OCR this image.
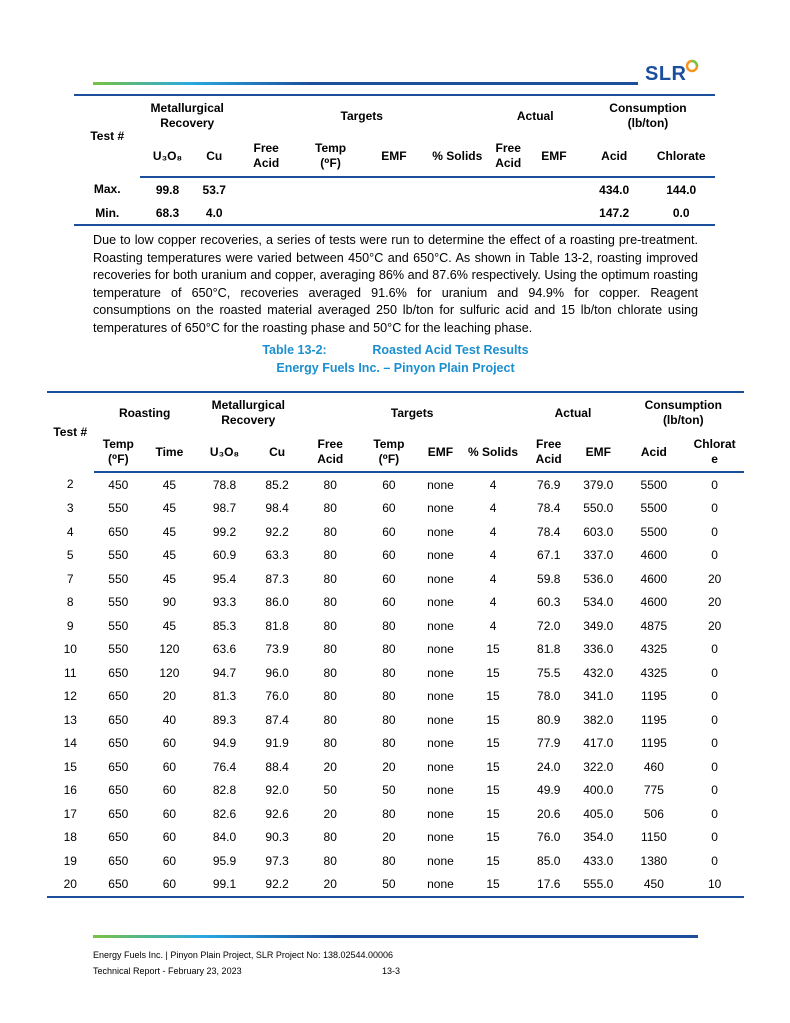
SLR
Test #	Metallurgical Recovery		Targets				Actual		Consumption (lb/ton)	

	U₃O₈	Cu	Free Acid	Temp (⁰F)	EMF	% Solids	Free Acid	EMF	Acid	Chlorate
Max.	99.8	53.7							434.0	144.0
Min.	68.3	4.0							147.2	0.0

Due to low copper recoveries, a series of tests were run to determine the effect of a roasting pre-treatment. Roasting temperatures were varied between 450°C and 650°C. As shown in Table 13-2, roasting improved recoveries for both uranium and copper, averaging 86% and 87.6% respectively. Using the optimum roasting temperature of 650°C, recoveries averaged 91.6% for uranium and 94.9% for copper. Reagent consumptions on the roasted material averaged 250 lb/ton for sulfuric acid and 15 lb/ton chlorate using temperatures of 650°C for the roasting phase and 50°C for the leaching phase.

Table 13-2:	Roasted Acid Test Results
Energy Fuels Inc. – Pinyon Plain Project
Test #	Roasting		Metallurgical Recovery		Targets				Actual		Consumption (lb/ton)	

	Temp (⁰F)	Time	U₃O₈	Cu	Free Acid	Temp (⁰F)	EMF	% Solids	Free Acid	EMF	Acid	Chlorat e

2	450	45	78.8	85.2	80	60	none	4	76.9	379.0	5500	0
3	550	45	98.7	98.4	80	60	none	4	78.4	550.0	5500	0
4	650	45	99.2	92.2	80	60	none	4	78.4	603.0	5500	0
5	550	45	60.9	63.3	80	60	none	4	67.1	337.0	4600	0
7	550	45	95.4	87.3	80	60	none	4	59.8	536.0	4600	20
8	550	90	93.3	86.0	80	60	none	4	60.3	534.0	4600	20
9	550	45	85.3	81.8	80	80	none	4	72.0	349.0	4875	20
10	550	120	63.6	73.9	80	80	none	15	81.8	336.0	4325	0
11	650	120	94.7	96.0	80	80	none	15	75.5	432.0	4325	0
12	650	20	81.3	76.0	80	80	none	15	78.0	341.0	1195	0
13	650	40	89.3	87.4	80	80	none	15	80.9	382.0	1195	0
14	650	60	94.9	91.9	80	80	none	15	77.9	417.0	1195	0
15	650	60	76.4	88.4	20	20	none	15	24.0	322.0	460	0
16	650	60	82.8	92.0	50	50	none	15	49.9	400.0	775	0
17	650	60	82.6	92.6	20	80	none	15	20.6	405.0	506	0
18	650	60	84.0	90.3	80	20	none	15	76.0	354.0	1150	0
19	650	60	95.9	97.3	80	80	none	15	85.0	433.0	1380	0
20	650	60	99.1	92.2	20	50	none	15	17.6	555.0	450	10
Energy Fuels Inc. | Pinyon Plain Project, SLR Project No: 138.02544.00006
Technical Report - February 23, 2023	13-3
